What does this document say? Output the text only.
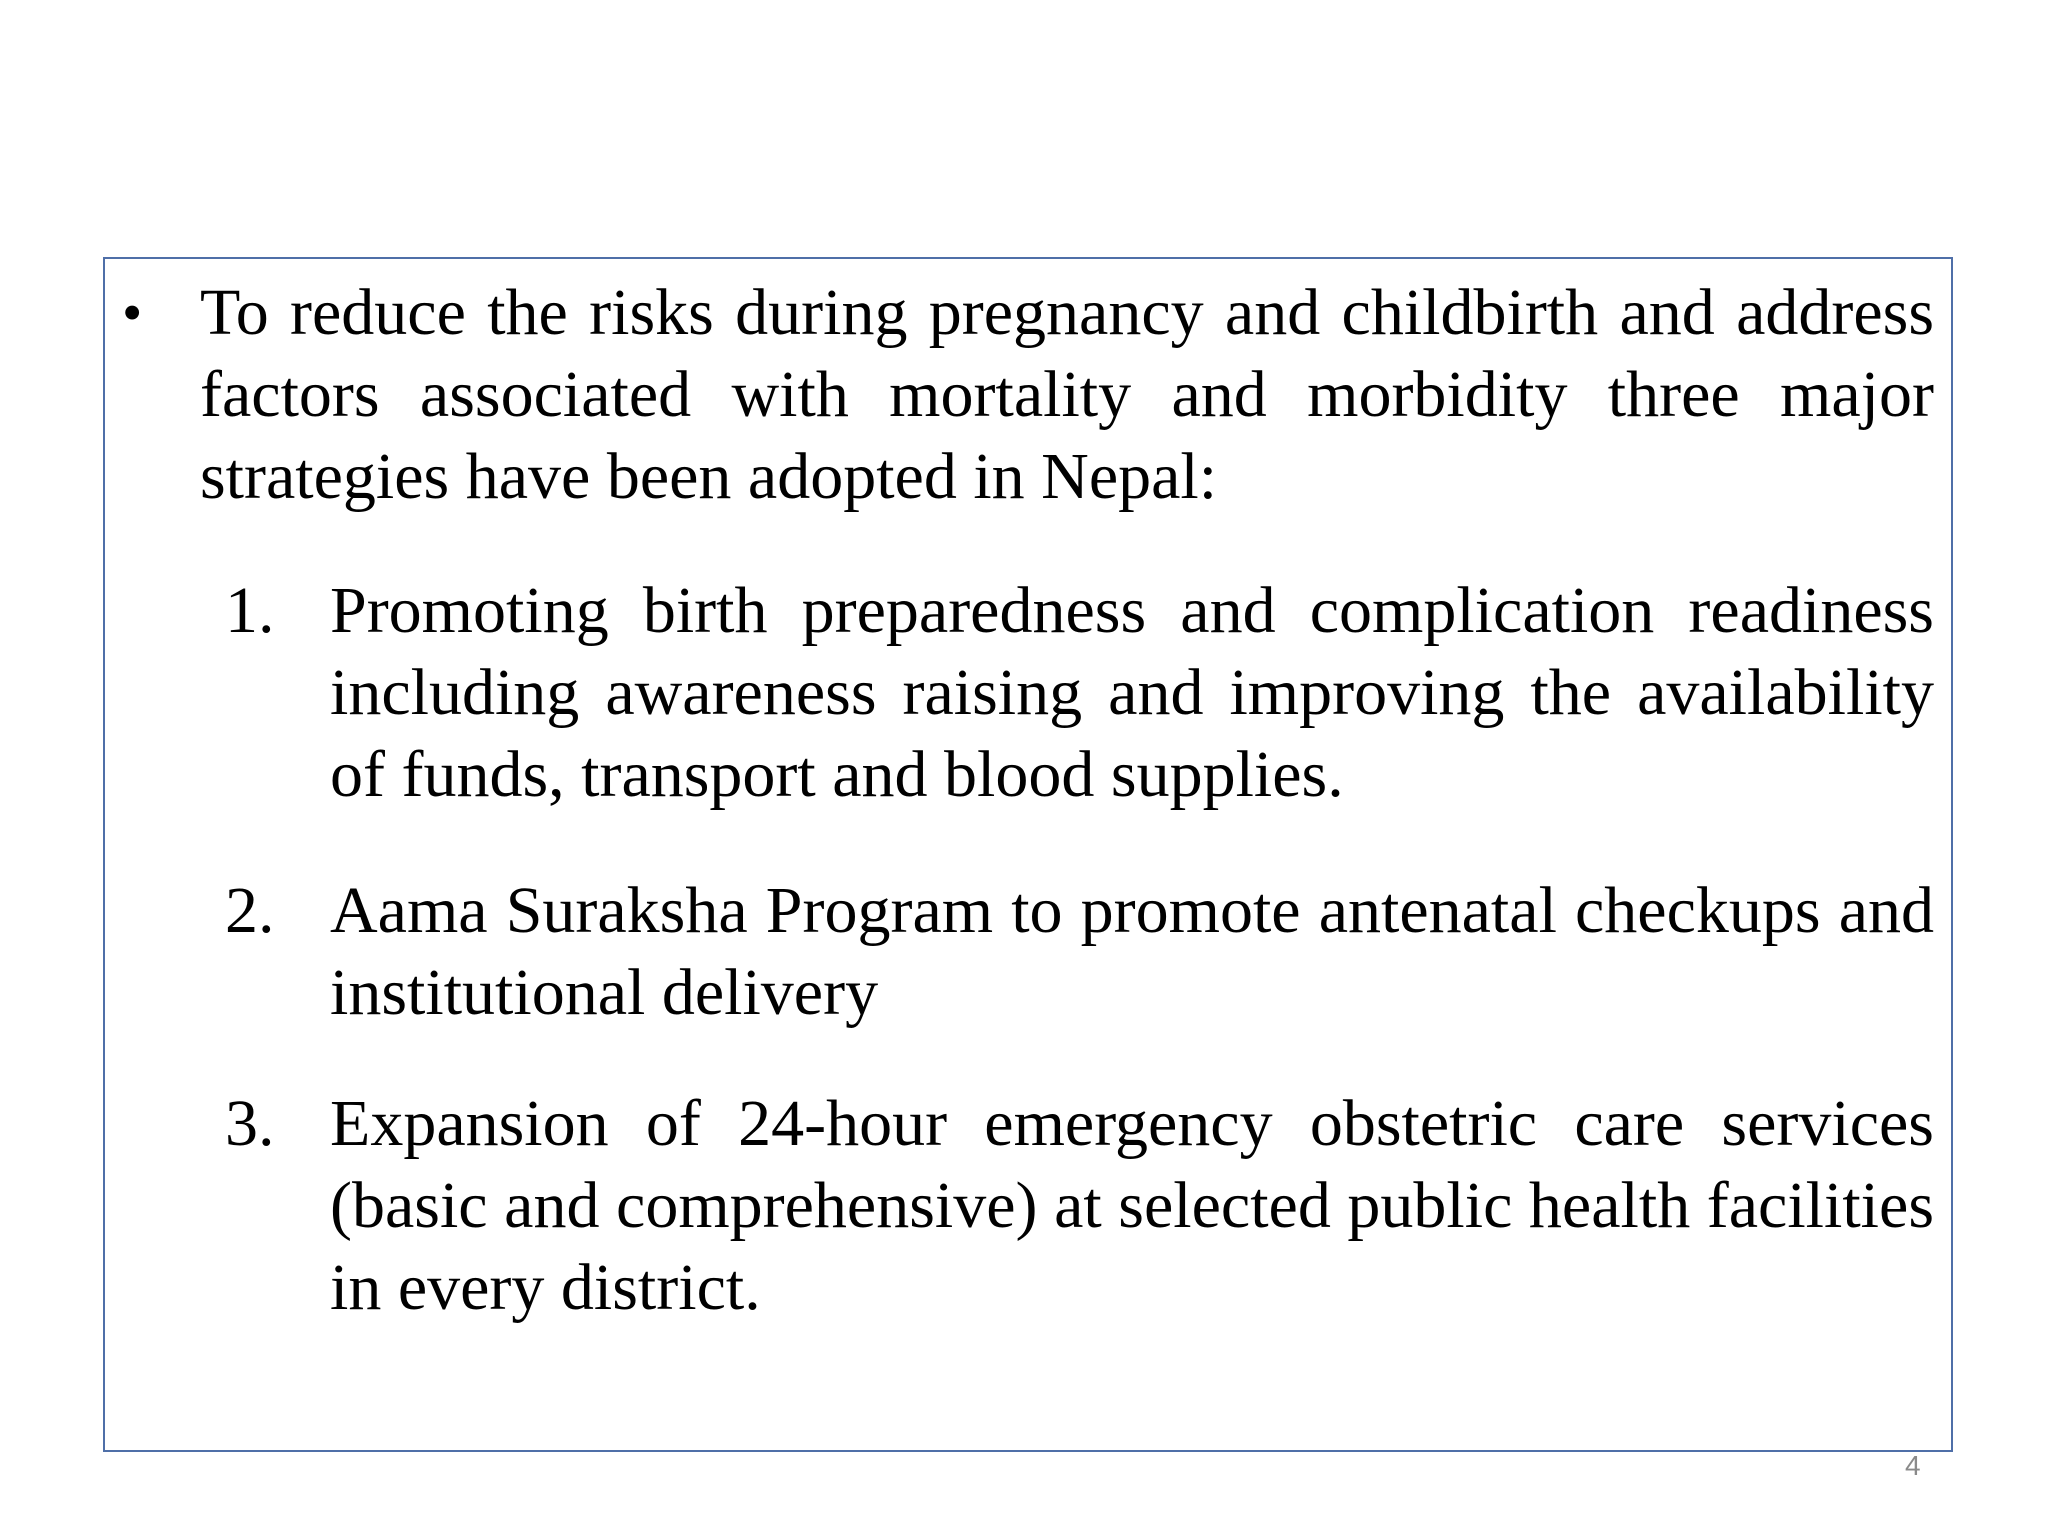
• To reduce the risks during pregnancy and childbirth and address factors associated with mortality and morbidity three major strategies have been adopted in Nepal:
1. Promoting birth preparedness and complication readiness including awareness raising and improving the availability of funds, transport and blood supplies.
2. Aama Suraksha Program to promote antenatal checkups and institutional delivery
3. Expansion of 24-hour emergency obstetric care services (basic and comprehensive) at selected public health facilities in every district.
4
